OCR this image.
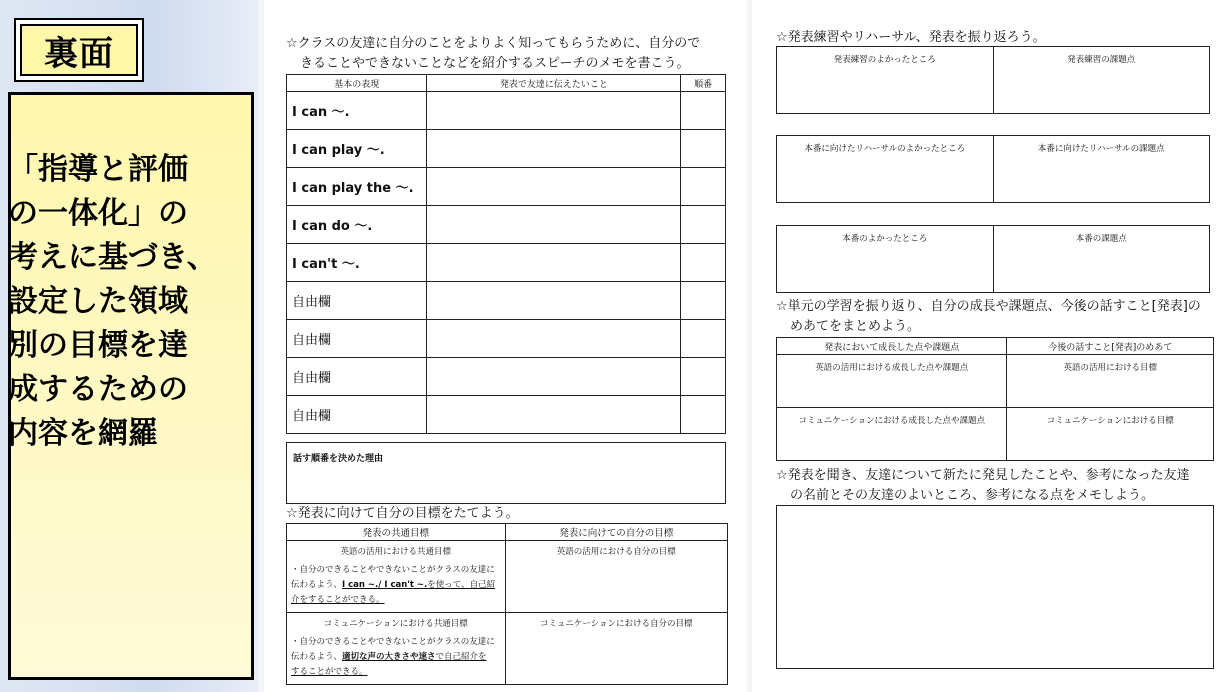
裏面
「指導と評価
の一体化」の
考えに基づき、
設定した領域
別の目標を達
成するための
内容を網羅
☆クラスの友達に自分のことをよりよく知ってもらうために、自分ので
きることやできないことなどを紹介するスピーチのメモを書こう。
基本の表現	発表で友達に伝えたいこと	順番
I can 〜.		
I can play 〜.		
I can play the 〜.		
I can do 〜.		
I can't 〜.		
自由欄		
自由欄		
自由欄		
自由欄		
話す順番を決めた理由
☆発表に向けて自分の目標をたてよう。
発表の共通目標	発表に向けての自分の目標

英語の活用における共通目標
・自分のできることやできないことがクラスの友達に
伝わるよう、I can ~./ I can't ~.を使って、自己紹
介をすることができる。	英語の活用における自分の目標

コミュニケーションにおける共通目標
・自分のできることやできないことがクラスの友達に
伝わるよう、適切な声の大きさや速さで自己紹介を
することができる。	コミュニケーションにおける自分の目標
☆発表練習やリハーサル、発表を振り返ろう。
発表練習のよかったところ	発表練習の課題点
本番に向けたリハーサルのよかったところ	本番に向けたリハーサルの課題点
本番のよかったところ	本番の課題点
☆単元の学習を振り返り、自分の成長や課題点、今後の話すこと[発表]の
めあてをまとめよう。
発表において成長した点や課題点	今後の話すこと[発表]のめあて
英語の活用における成長した点や課題点	英語の活用における目標
コミュニケーションにおける成長した点や課題点	コミュニケーションにおける目標
☆発表を聞き、友達について新たに発見したことや、参考になった友達
の名前とその友達のよいところ、参考になる点をメモしよう。
